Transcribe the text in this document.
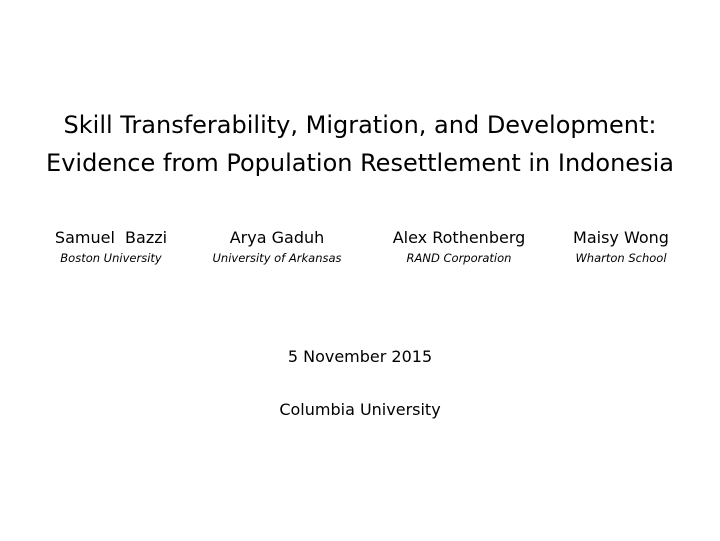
Skill Transferability, Migration, and Development:
Evidence from Population Resettlement in Indonesia
Samuel  Bazzi
Boston University
Arya Gaduh
University of Arkansas
Alex Rothenberg
RAND Corporation
Maisy Wong
Wharton School
5 November 2015
Columbia University
